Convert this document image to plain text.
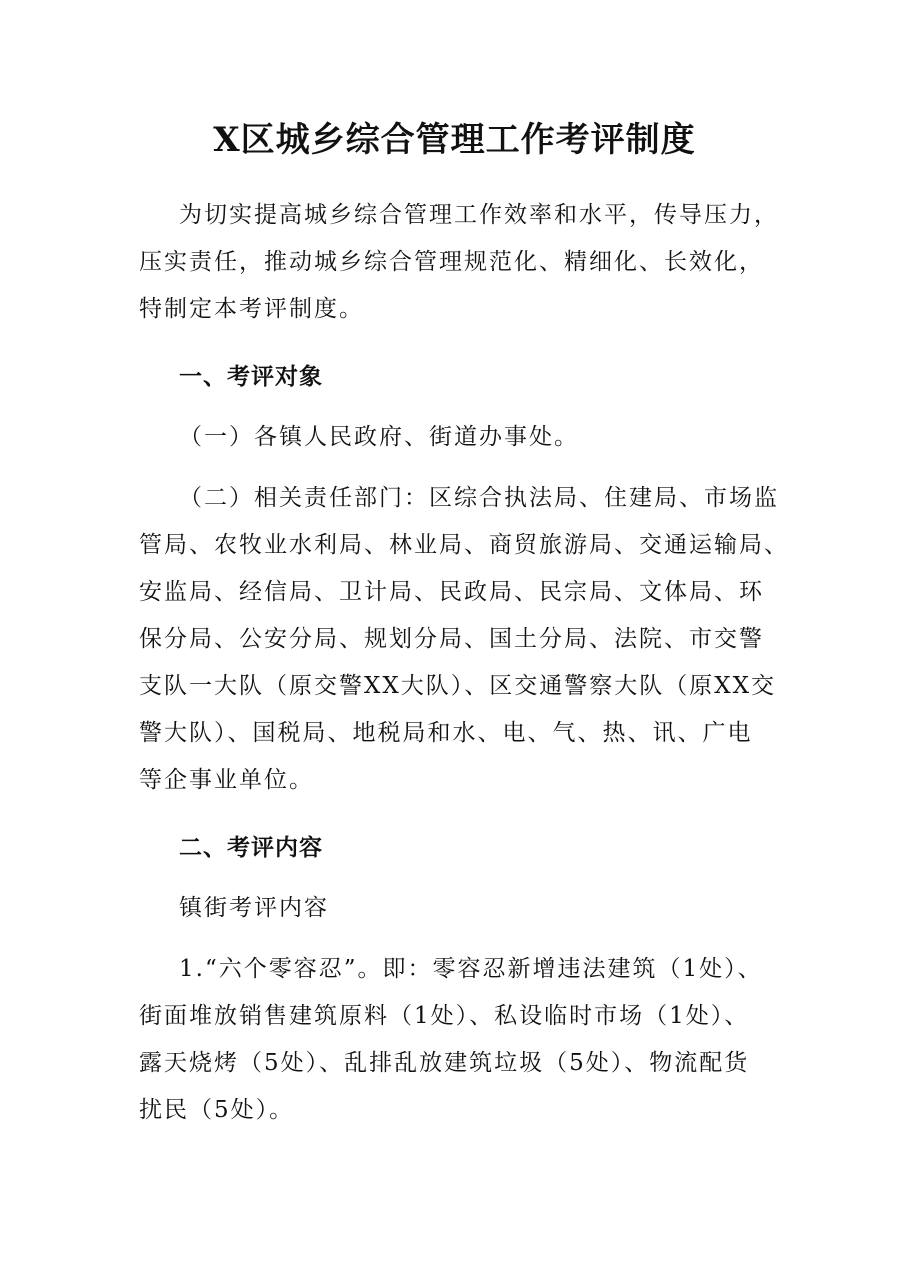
X区城乡综合管理工作考评制度
为切实提高城乡综合管理工作效率和水平，传导压力，
压实责任，推动城乡综合管理规范化、精细化、长效化，
特制定本考评制度。
一、考评对象
（一）各镇人民政府、街道办事处。
（二）相关责任部门：区综合执法局、住建局、市场监
管局、农牧业水利局、林业局、商贸旅游局、交通运输局、
安监局、经信局、卫计局、民政局、民宗局、文体局、环
保分局、公安分局、规划分局、国土分局、法院、市交警
支队一大队（原交警XX大队）、区交通警察大队（原XX交
警大队）、国税局、地税局和水、电、气、热、讯、广电
等企事业单位。
二、考评内容
镇街考评内容
1.“六个零容忍”。即：零容忍新增违法建筑（1处）、
街面堆放销售建筑原料（1处）、私设临时市场（1处）、
露天烧烤（5处）、乱排乱放建筑垃圾（5处）、物流配货
扰民（5处）。
